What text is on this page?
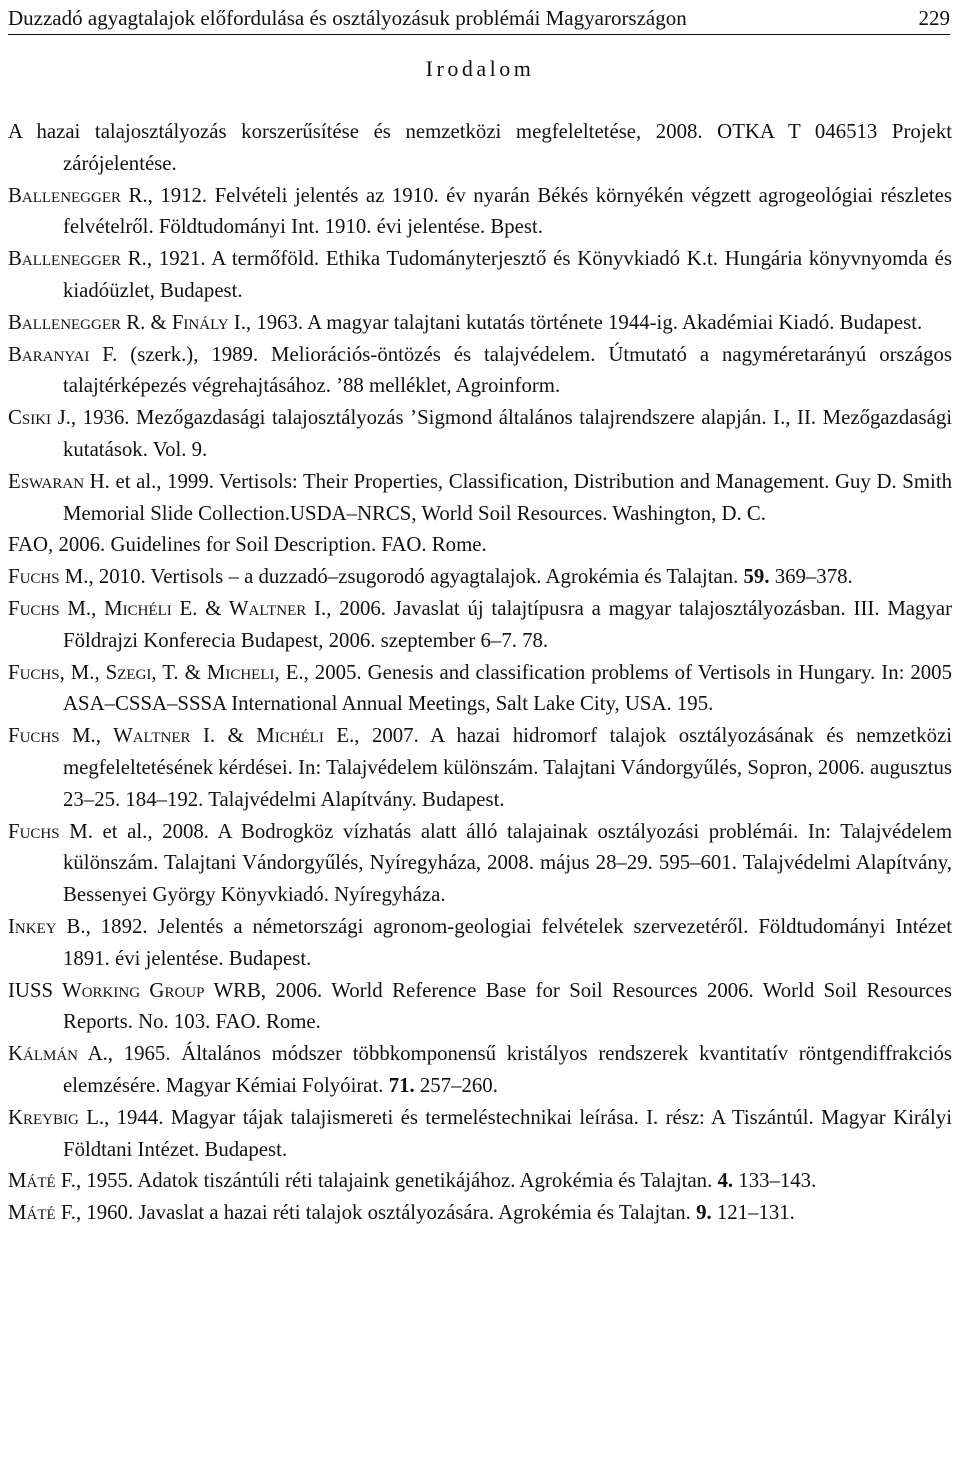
Duzzadó agyagtalajok előfordulása és osztályozásuk problémái Magyarországon	229
Irodalom

A hazai talajosztályozás korszerűsítése és nemzetközi megfeleltetése, 2008. OTKA T 046513 Projekt zárójelentése.

Ballenegger R., 1912. Felvételi jelentés az 1910. év nyarán Békés környékén végzett agrogeológiai részletes felvételről. Földtudományi Int. 1910. évi jelentése. Bpest.

Ballenegger R., 1921. A termőföld. Ethika Tudományterjesztő és Könyvkiadó K.t. Hungária könyvnyomda és kiadóüzlet, Budapest.

Ballenegger R. & Finály I., 1963. A magyar talajtani kutatás története 1944-ig. Akadémiai Kiadó. Budapest.

Baranyai F. (szerk.), 1989. Meliorációs-öntözés és talajvédelem. Útmutató a nagyméretarányú országos talajtérképezés végrehajtásához. ’88 melléklet, Agroinform.

Csiki J., 1936. Mezőgazdasági talajosztályozás ’Sigmond általános talajrendszere alapján. I., II. Mezőgazdasági kutatások. Vol. 9.

Eswaran H. et al., 1999. Vertisols: Their Properties, Classification, Distribution and Management. Guy D. Smith Memorial Slide Collection.USDA–NRCS, World Soil Resources. Washington, D. C.

FAO, 2006. Guidelines for Soil Description. FAO. Rome.

Fuchs M., 2010. Vertisols – a duzzadó–zsugorodó agyagtalajok. Agrokémia és Talajtan. 59. 369–378.

Fuchs M., Michéli E. & Waltner I., 2006. Javaslat új talajtípusra a magyar talajosztályozásban. III. Magyar Földrajzi Konferecia Budapest, 2006. szeptember 6–7. 78.

Fuchs, M., Szegi, T. & Micheli, E., 2005. Genesis and classification problems of Vertisols in Hungary. In: 2005 ASA–CSSA–SSSA International Annual Meetings, Salt Lake City, USA. 195.

Fuchs M., Waltner I. & Michéli E., 2007. A hazai hidromorf talajok osztályozásának és nemzetközi megfeleltetésének kérdései. In: Talajvédelem különszám. Talajtani Vándorgyűlés, Sopron, 2006. augusztus 23–25. 184–192. Talajvédelmi Alapítvány. Budapest.

Fuchs M. et al., 2008. A Bodrogköz vízhatás alatt álló talajainak osztályozási problémái. In: Talajvédelem különszám. Talajtani Vándorgyűlés, Nyíregyháza, 2008. május 28–29. 595–601. Talajvédelmi Alapítvány, Bessenyei György Könyvkiadó. Nyíregyháza.

Inkey B., 1892. Jelentés a németországi agronom-geologiai felvételek szervezetéről. Földtudományi Intézet 1891. évi jelentése. Budapest.

IUSS Working Group WRB, 2006. World Reference Base for Soil Resources 2006. World Soil Resources Reports. No. 103. FAO. Rome.

Kálmán A., 1965. Általános módszer többkomponensű kristályos rendszerek kvantitatív röntgendiffrakciós elemzésére. Magyar Kémiai Folyóirat. 71. 257–260.

Kreybig L., 1944. Magyar tájak talajismereti és termeléstechnikai leírása. I. rész: A Tiszántúl. Magyar Királyi Földtani Intézet. Budapest.

Máté F., 1955. Adatok tiszántúli réti talajaink genetikájához. Agrokémia és Talajtan. 4. 133–143.

Máté F., 1960. Javaslat a hazai réti talajok osztályozására. Agrokémia és Talajtan. 9. 121–131.
